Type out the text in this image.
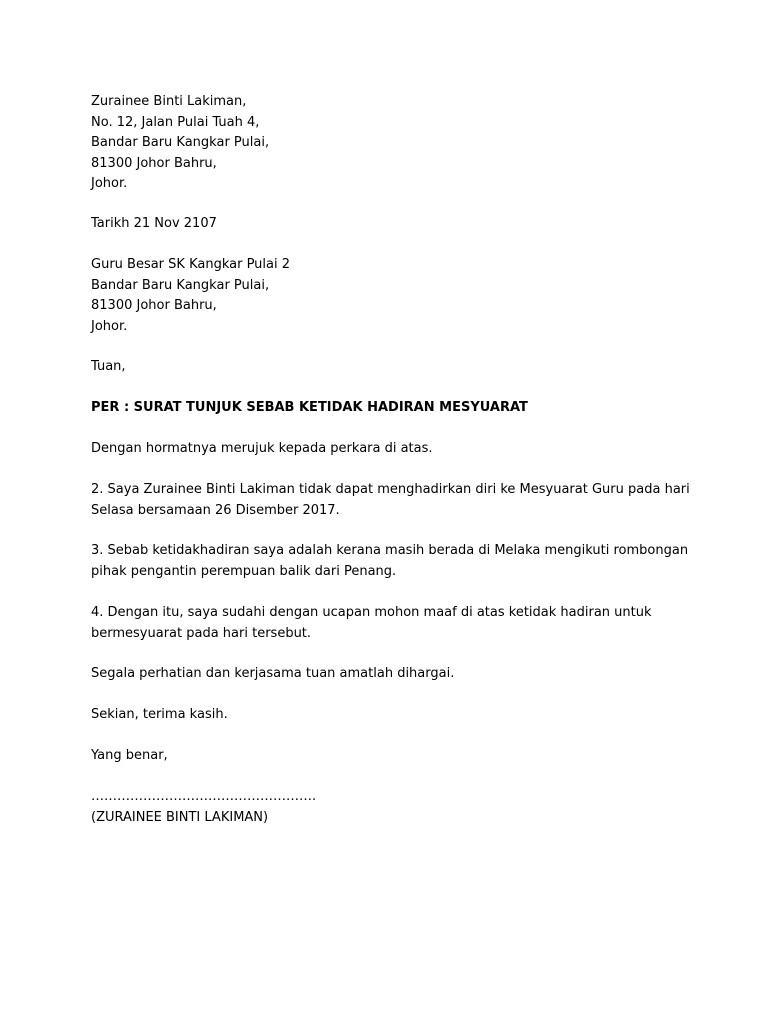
Zurainee Binti Lakiman,
No. 12, Jalan Pulai Tuah 4,
Bandar Baru Kangkar Pulai,
81300 Johor Bahru,
Johor.
Tarikh 21 Nov 2107
Guru Besar SK Kangkar Pulai 2
Bandar Baru Kangkar Pulai,
81300 Johor Bahru,
Johor.
Tuan,
PER : SURAT TUNJUK SEBAB KETIDAK HADIRAN MESYUARAT
Dengan hormatnya merujuk kepada perkara di atas.
2. Saya Zurainee Binti Lakiman tidak dapat menghadirkan diri ke Mesyuarat Guru pada hari
Selasa bersamaan 26 Disember 2017.
3. Sebab ketidakhadiran saya adalah kerana masih berada di Melaka mengikuti rombongan
pihak pengantin perempuan balik dari Penang.
4. Dengan itu, saya sudahi dengan ucapan mohon maaf di atas ketidak hadiran untuk
bermesyuarat pada hari tersebut.
Segala perhatian dan kerjasama tuan amatlah dihargai.
Sekian, terima kasih.
Yang benar,
…………………………………………….
(ZURAINEE BINTI LAKIMAN)
